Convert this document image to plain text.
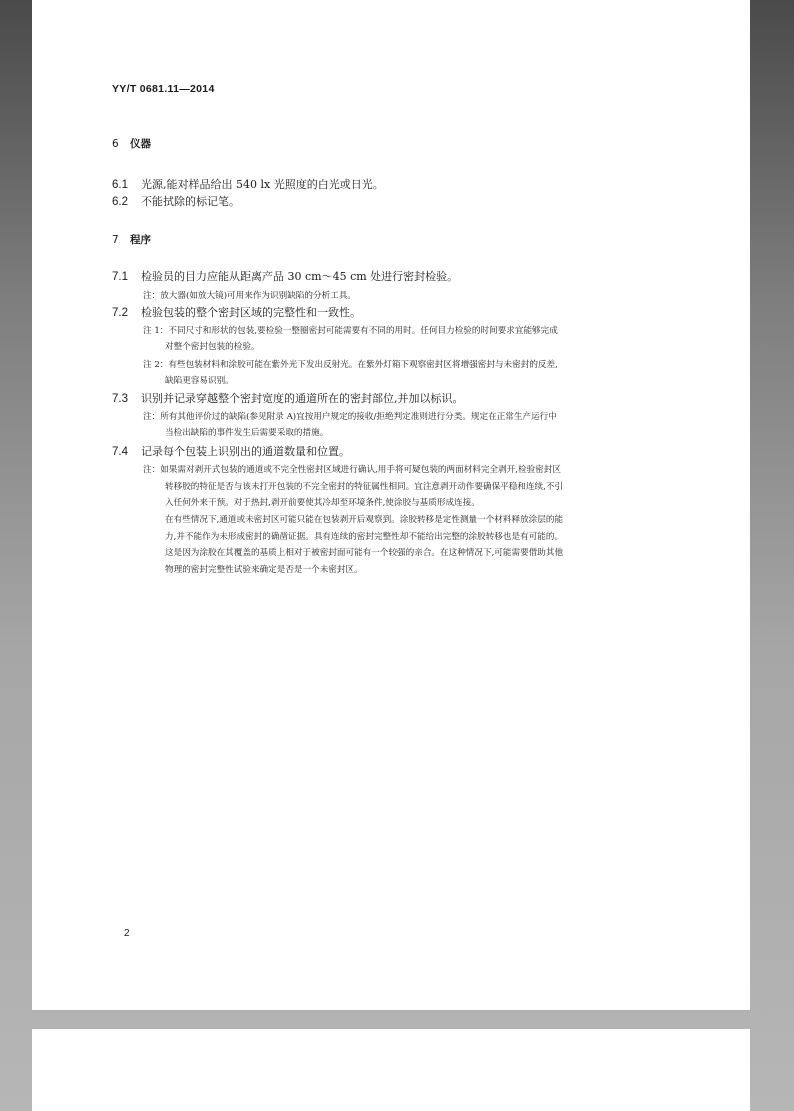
YY/T 0681.11—2014

6 仪器

6.1 光源,能对样品给出 540 lx 光照度的白光或日光。

6.2 不能拭除的标记笔。

7 程序

7.1 检验员的目力应能从距离产品 30 cm～45 cm 处进行密封检验。

注：放大器(如放大镜)可用来作为识别缺陷的分析工具。

7.2 检验包装的整个密封区域的完整性和一致性。

注 1：不同尺寸和形状的包装,要检验一整圈密封可能需要有不同的用时。任何目力检验的时间要求宜能够完成

对整个密封包装的检验。

注 2：有些包装材料和涂胶可能在紫外光下发出反射光。在紫外灯箱下观察密封区将增强密封与未密封的反差,

缺陷更容易识别。

7.3 识别并记录穿越整个密封宽度的通道所在的密封部位,并加以标识。

注：所有其他评价过的缺陷(参见附录 A)宜按用户规定的接收/拒绝判定准则进行分类。规定在正常生产运行中

当检出缺陷的事件发生后需要采取的措施。

7.4 记录每个包装上识别出的通道数量和位置。

注：如果需对剥开式包装的通道或不完全性密封区域进行确认,用手将可疑包装的两面材料完全剥开,检验密封区

转移胶的特征是否与该未打开包装的不完全密封的特征属性相同。宜注意剥开动作要确保平稳和连续,不引

入任何外来干预。对于热封,剥开前要使其冷却至环境条件,使涂胶与基质形成连接。

在有些情况下,通道或未密封区可能只能在包装剥开后观察到。涂胶转移是定性测量一个材料释放涂层的能

力,并不能作为未形成密封的确凿证据。具有连续的密封完整性却不能给出完整的涂胶转移也是有可能的。

这是因为涂胶在其覆盖的基质上相对于被密封面可能有一个较强的亲合。在这种情况下,可能需要借助其他

物理的密封完整性试验来确定是否是一个未密封区。

2
